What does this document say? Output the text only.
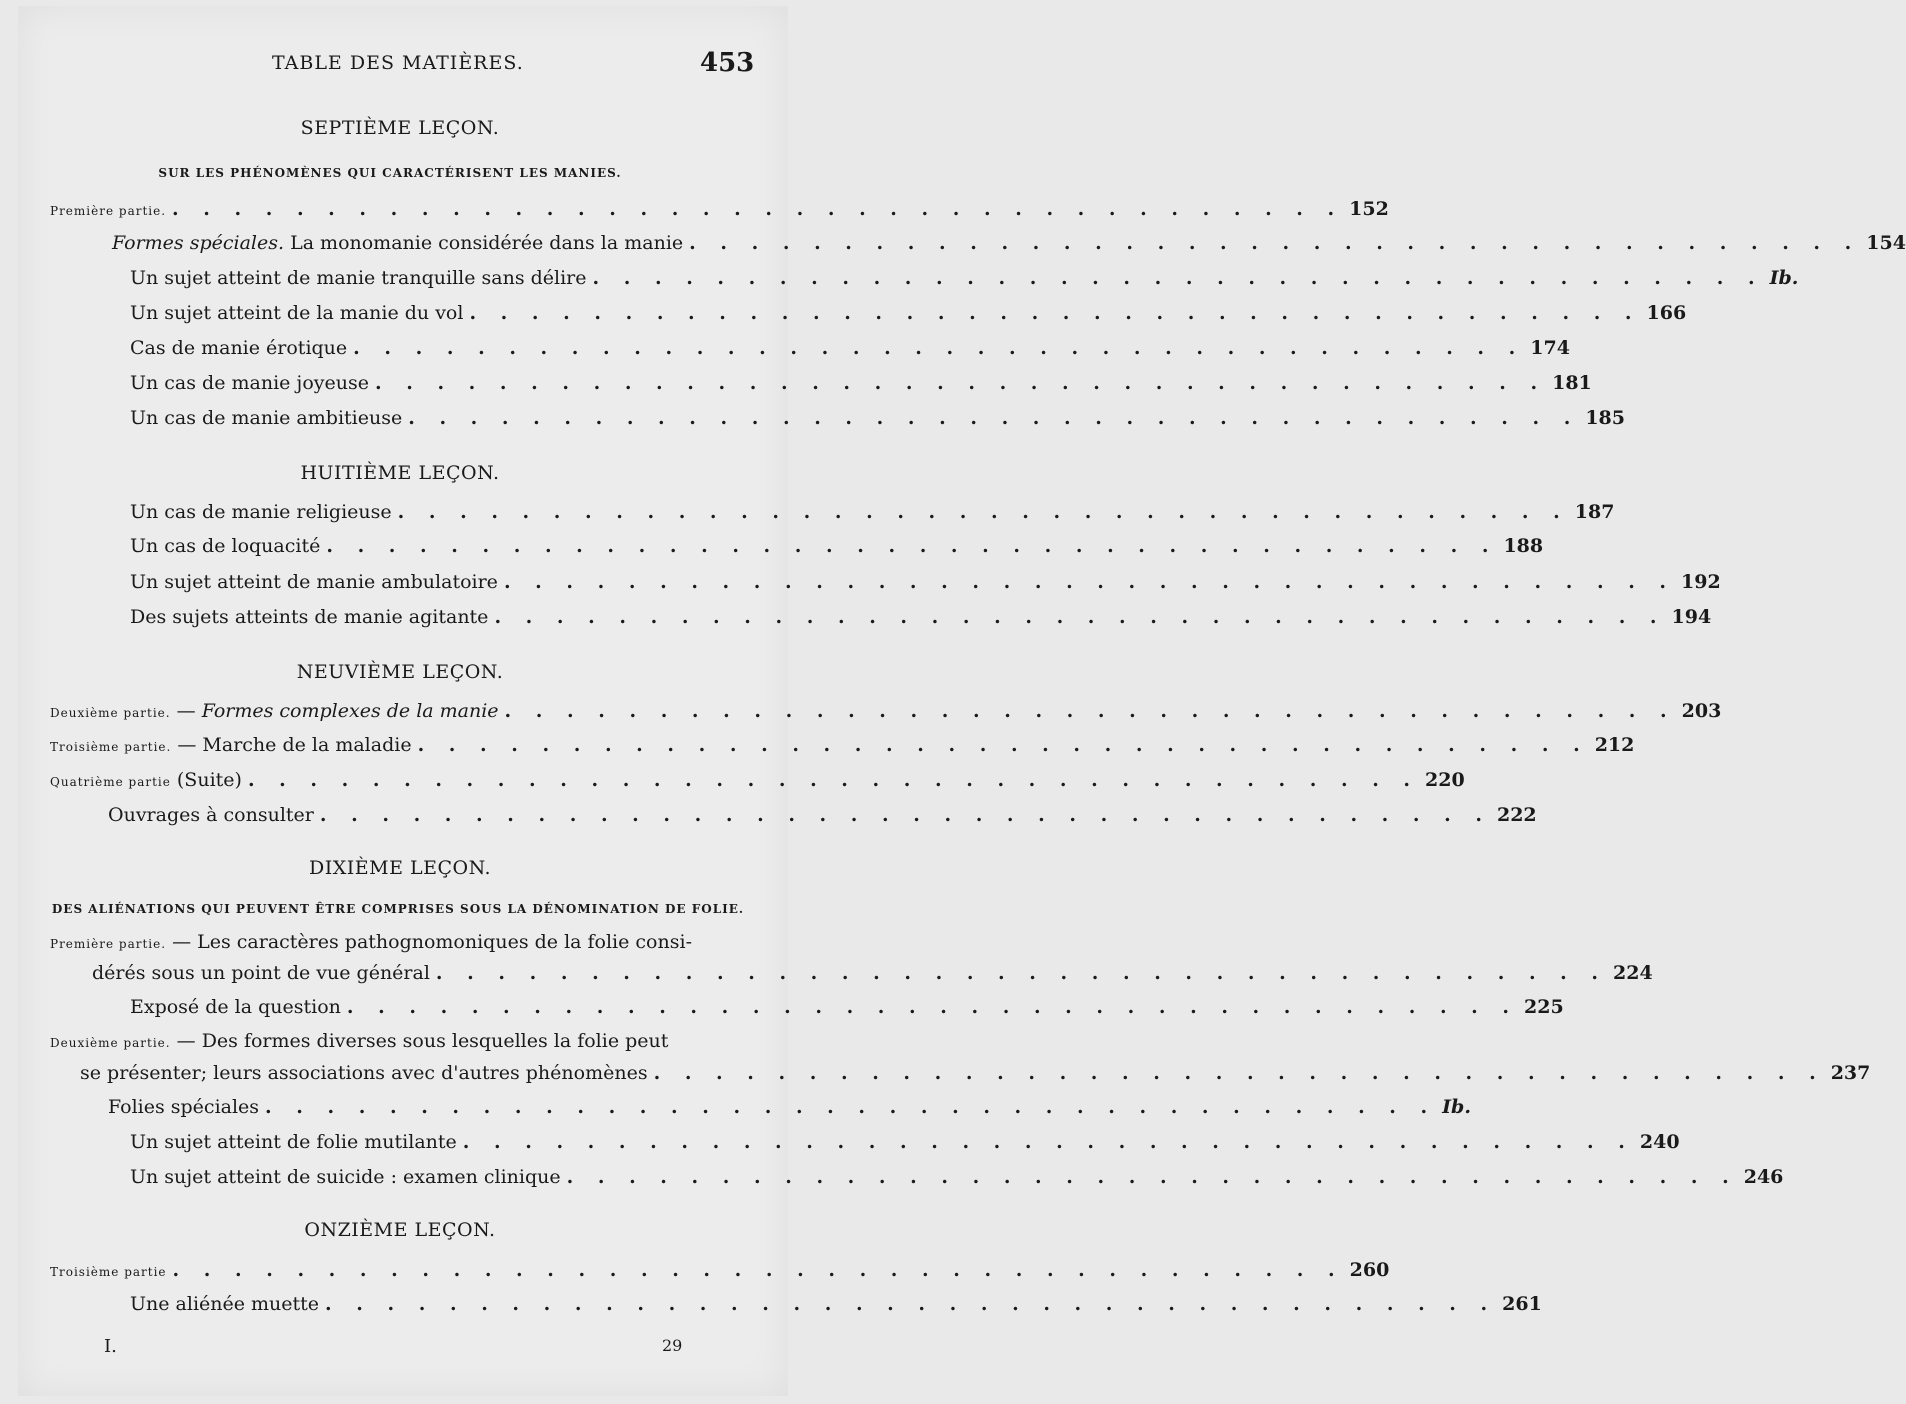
TABLE DES MATIÈRES.	453
SEPTIÈME LEÇON.
SUR LES PHÉNOMÈNES QUI CARACTÉRISENT LES MANIES.
Première partie. . . . . . . . . . . . . . . . . . . . . . . . . . . . . . . . . . . . . . . 152
Formes spéciales. La monomanie considérée dans la manie . . . . . . . . . . . . . . . . . . . . . . . . . . . . . . . . . . . . . . 154
Un sujet atteint de manie tranquille sans délire . . . . . . . . . . . . . . . . . . . . . . . . . . . . . . . . . . . . . . Ib.
Un sujet atteint de la manie du vol . . . . . . . . . . . . . . . . . . . . . . . . . . . . . . . . . . . . . . 166
Cas de manie érotique . . . . . . . . . . . . . . . . . . . . . . . . . . . . . . . . . . . . . . 174
Un cas de manie joyeuse . . . . . . . . . . . . . . . . . . . . . . . . . . . . . . . . . . . . . . 181
Un cas de manie ambitieuse . . . . . . . . . . . . . . . . . . . . . . . . . . . . . . . . . . . . . . 185
HUITIÈME LEÇON.
Un cas de manie religieuse . . . . . . . . . . . . . . . . . . . . . . . . . . . . . . . . . . . . . . 187
Un cas de loquacité . . . . . . . . . . . . . . . . . . . . . . . . . . . . . . . . . . . . . . 188
Un sujet atteint de manie ambulatoire . . . . . . . . . . . . . . . . . . . . . . . . . . . . . . . . . . . . . . 192
Des sujets atteints de manie agitante . . . . . . . . . . . . . . . . . . . . . . . . . . . . . . . . . . . . . . 194
NEUVIÈME LEÇON.
Deuxième partie. — Formes complexes de la manie . . . . . . . . . . . . . . . . . . . . . . . . . . . . . . . . . . . . . . 203
Troisième partie. — Marche de la maladie . . . . . . . . . . . . . . . . . . . . . . . . . . . . . . . . . . . . . . 212
Quatrième partie (Suite) . . . . . . . . . . . . . . . . . . . . . . . . . . . . . . . . . . . . . . 220
Ouvrages à consulter . . . . . . . . . . . . . . . . . . . . . . . . . . . . . . . . . . . . . . 222
DIXIÈME LEÇON.
DES ALIÉNATIONS QUI PEUVENT ÊTRE COMPRISES SOUS LA DÉNOMINATION DE FOLIE.
Première partie. — Les caractères pathognomoniques de la folie consi-
dérés sous un point de vue général . . . . . . . . . . . . . . . . . . . . . . . . . . . . . . . . . . . . . . 224
Exposé de la question . . . . . . . . . . . . . . . . . . . . . . . . . . . . . . . . . . . . . . 225
Deuxième partie. — Des formes diverses sous lesquelles la folie peut
se présenter; leurs associations avec d'autres phénomènes . . . . . . . . . . . . . . . . . . . . . . . . . . . . . . . . . . . . . . 237
Folies spéciales . . . . . . . . . . . . . . . . . . . . . . . . . . . . . . . . . . . . . . Ib.
Un sujet atteint de folie mutilante . . . . . . . . . . . . . . . . . . . . . . . . . . . . . . . . . . . . . . 240
Un sujet atteint de suicide : examen clinique . . . . . . . . . . . . . . . . . . . . . . . . . . . . . . . . . . . . . . 246
ONZIÈME LEÇON.
Troisième partie . . . . . . . . . . . . . . . . . . . . . . . . . . . . . . . . . . . . . . 260
Une aliénée muette . . . . . . . . . . . . . . . . . . . . . . . . . . . . . . . . . . . . . . 261
I.	29
